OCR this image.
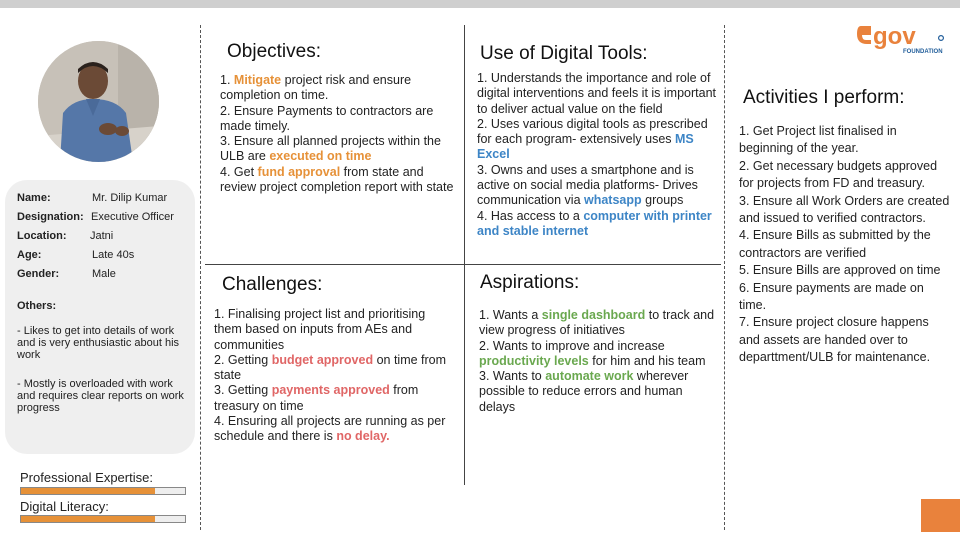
Name:	Mr. Dilip Kumar
Designation: Executive Officer
Location: Jatni
Age:	Late 40s
Gender:	Male
Others:
- Likes to get into details of work and is very enthusiastic about his work
- Mostly is overloaded with work and requires clear reports on work progress
Professional Expertise:
Digital Literacy:
Objectives:

1. Mitigate project risk and ensure completion on time.

2. Ensure Payments to contractors are made timely.

3. Ensure all planned projects within the ULB are executed on time

4. Get fund approval from state and review project completion report with state

Challenges:

1. Finalising project list and prioritising them based on inputs from AEs and communities

2. Getting budget approved on time from state

3. Getting payments approved from treasury on time

4. Ensuring all projects are running as per schedule and there is no delay.

Use of Digital Tools:

1. Understands the importance and role of digital interventions and feels it is important to deliver actual value on the field

2. Uses various digital tools as prescribed for each program- extensively uses MS Excel

3. Owns and uses a smartphone and is active on social media platforms- Drives communication via whatsapp groups

4. Has access to a computer with printer and stable internet

Aspirations:

1. Wants a single dashboard to track and view progress of initiatives

2. Wants to improve and increase productivity levels for him and his team

3. Wants to automate work wherever possible to reduce errors and human delays

Activities I perform:

1. Get Project list finalised in beginning of the year.

2. Get necessary budgets approved for projects from FD and treasury.

3. Ensure all Work Orders are created and issued to verified contractors.

4. Ensure Bills as submitted by the contractors are verified

5. Ensure Bills are approved on time

6. Ensure payments are made on time.

7. Ensure project closure happens and assets are handed over to departtment/ULB for maintenance.

gov
FOUNDATION
